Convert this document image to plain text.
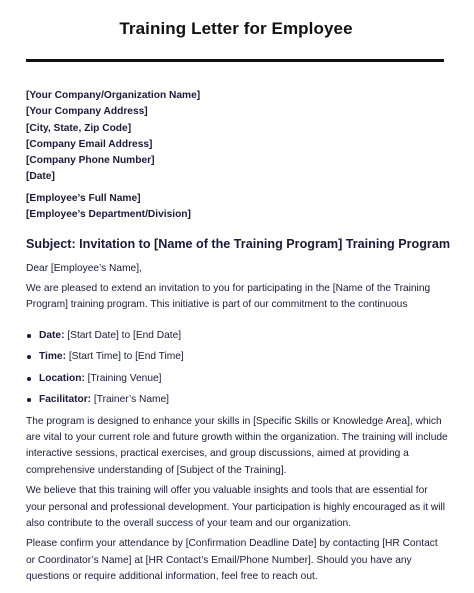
Training Letter for Employee
[Your Company/Organization Name]
[Your Company Address]
[City, State, Zip Code]
[Company Email Address]
[Company Phone Number]
[Date]
[Employee’s Full Name]
[Employee’s Department/Division]
Subject: Invitation to [Name of the Training Program] Training Program
Dear [Employee’s Name],
We are pleased to extend an invitation to you for participating in the [Name of the Training Program] training program. This initiative is part of our commitment to the continuous
Date: [Start Date] to [End Date]
Time: [Start Time] to [End Time]
Location: [Training Venue]
Facilitator: [Trainer’s Name]
The program is designed to enhance your skills in [Specific Skills or Knowledge Area], which are vital to your current role and future growth within the organization. The training will include interactive sessions, practical exercises, and group discussions, aimed at providing a comprehensive understanding of [Subject of the Training].
We believe that this training will offer you valuable insights and tools that are essential for your personal and professional development. Your participation is highly encouraged as it will also contribute to the overall success of your team and our organization.
Please confirm your attendance by [Confirmation Deadline Date] by contacting [HR Contact or Coordinator’s Name] at [HR Contact’s Email/Phone Number]. Should you have any questions or require additional information, feel free to reach out.
